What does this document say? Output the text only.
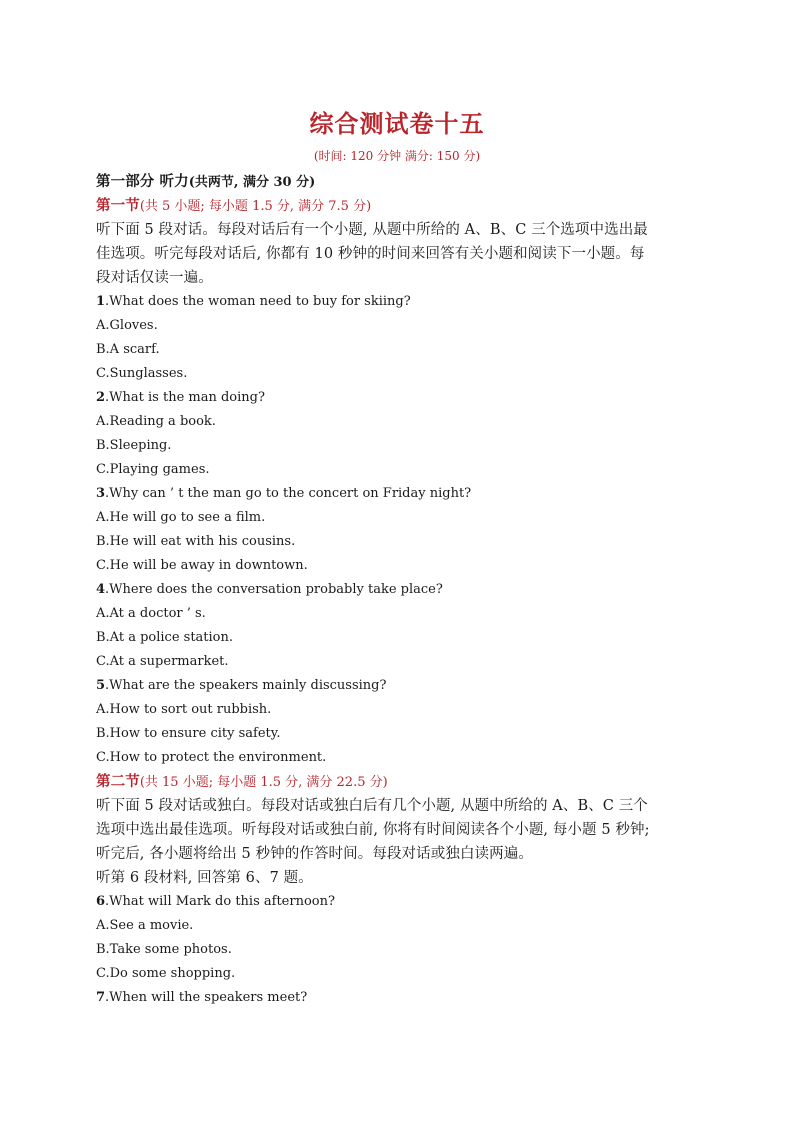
综合测试卷十五
(时间: 120 分钟 满分: 150 分)
第一部分 听力(共两节, 满分 30 分)
第一节(共 5 小题; 每小题 1.5 分, 满分 7.5 分)
听下面 5 段对话。每段对话后有一个小题, 从题中所给的 A、B、C 三个选项中选出最
佳选项。听完每段对话后, 你都有 10 秒钟的时间来回答有关小题和阅读下一小题。每
段对话仅读一遍。
1.What does the woman need to buy for skiing?
A.Gloves.
B.A scarf.
C.Sunglasses.
2.What is the man doing?
A.Reading a book.
B.Sleeping.
C.Playing games.
3.Why can ’ t the man go to the concert on Friday night?
A.He will go to see a film.
B.He will eat with his cousins.
C.He will be away in downtown.
4.Where does the conversation probably take place?
A.At a doctor ’ s.
B.At a police station.
C.At a supermarket.
5.What are the speakers mainly discussing?
A.How to sort out rubbish.
B.How to ensure city safety.
C.How to protect the environment.
第二节(共 15 小题; 每小题 1.5 分, 满分 22.5 分)
听下面 5 段对话或独白。每段对话或独白后有几个小题, 从题中所给的 A、B、C 三个
选项中选出最佳选项。听每段对话或独白前, 你将有时间阅读各个小题, 每小题 5 秒钟;
听完后, 各小题将给出 5 秒钟的作答时间。每段对话或独白读两遍。
听第 6 段材料, 回答第 6、7 题。
6.What will Mark do this afternoon?
A.See a movie.
B.Take some photos.
C.Do some shopping.
7.When will the speakers meet?
